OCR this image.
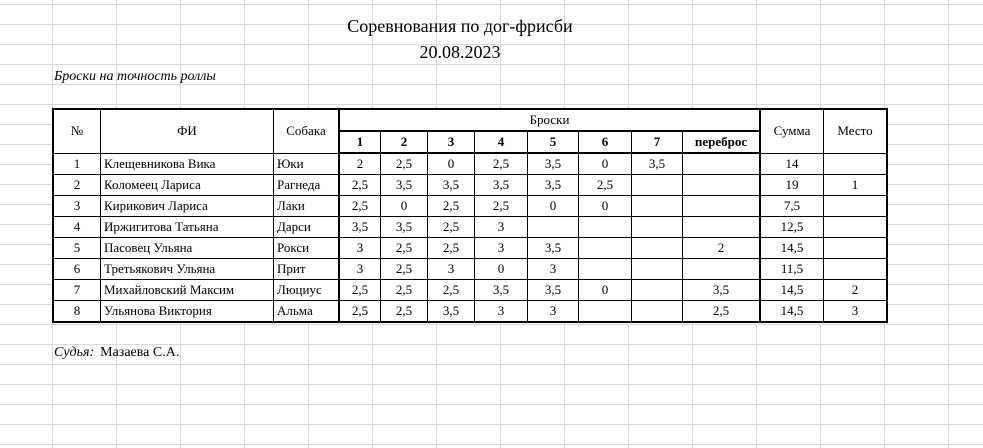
Соревнования по дог-фрисби
20.08.2023
Броски на точность роллы
№	ФИ	Собака	Броски								Сумма	Место
			1	2	3	4	5	6	7	переброс		
1	Клещевникова Вика	Юки	2	2,5	0	2,5	3,5	0	3,5		14	
2	Коломеец Лариса	Рагнеда	2,5	3,5	3,5	3,5	3,5	2,5			19	1
3	Кирикович Лариса	Лаки	2,5	0	2,5	2,5	0	0			7,5	
4	Иржигитова Татьяна	Дарси	3,5	3,5	2,5	3					12,5	
5	Пасовец Ульяна	Рокси	3	2,5	2,5	3	3,5			2	14,5	
6	Третьякович Ульяна	Прит	3	2,5	3	0	3				11,5	
7	Михайловский Максим	Люциус	2,5	2,5	2,5	3,5	3,5	0		3,5	14,5	2
8	Ульянова Виктория	Альма	2,5	2,5	3,5	3	3			2,5	14,5	3
Судья: Мазаева С.А.
